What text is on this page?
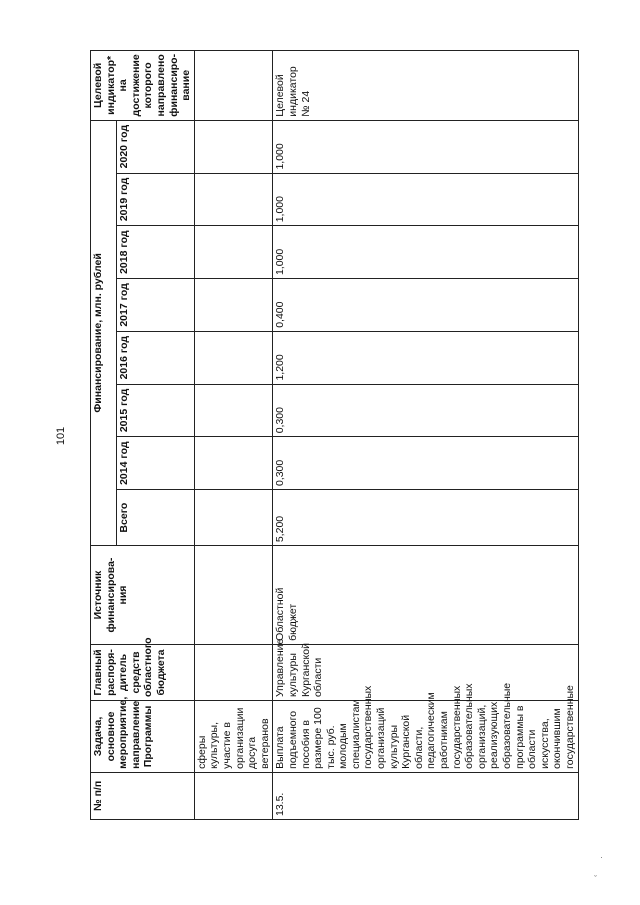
101
№ п/п	Задача, основное мероприятие, направление Программы	Главный распоря-дитель средств областного бюджета	Источник финансирова-ния	Финансирование, млн. рублей								Целевой индикатор* на достижение которого направлено финансиро-вание
				Всего	2014 год	2015 год	2016 год	2017 год	2018 год	2019 год	2020 год	
	сферы культуры, участие в организации досуга ветеранов											
13.5.	Выплата подъемного пособия в размере 100 тыс. руб. молодым специалистам государственных организаций культуры Курганской области, педагогическим работникам государственных образовательных организаций, реализующих образовательные программы в области искусства, окончившим государственные	Управление культуры Курганской области	Областной бюджет	5,200	0,300	0,300	1,200	0,400	1,000	1,000	1,000	Целевой индикатор № 24
·
ˇ
